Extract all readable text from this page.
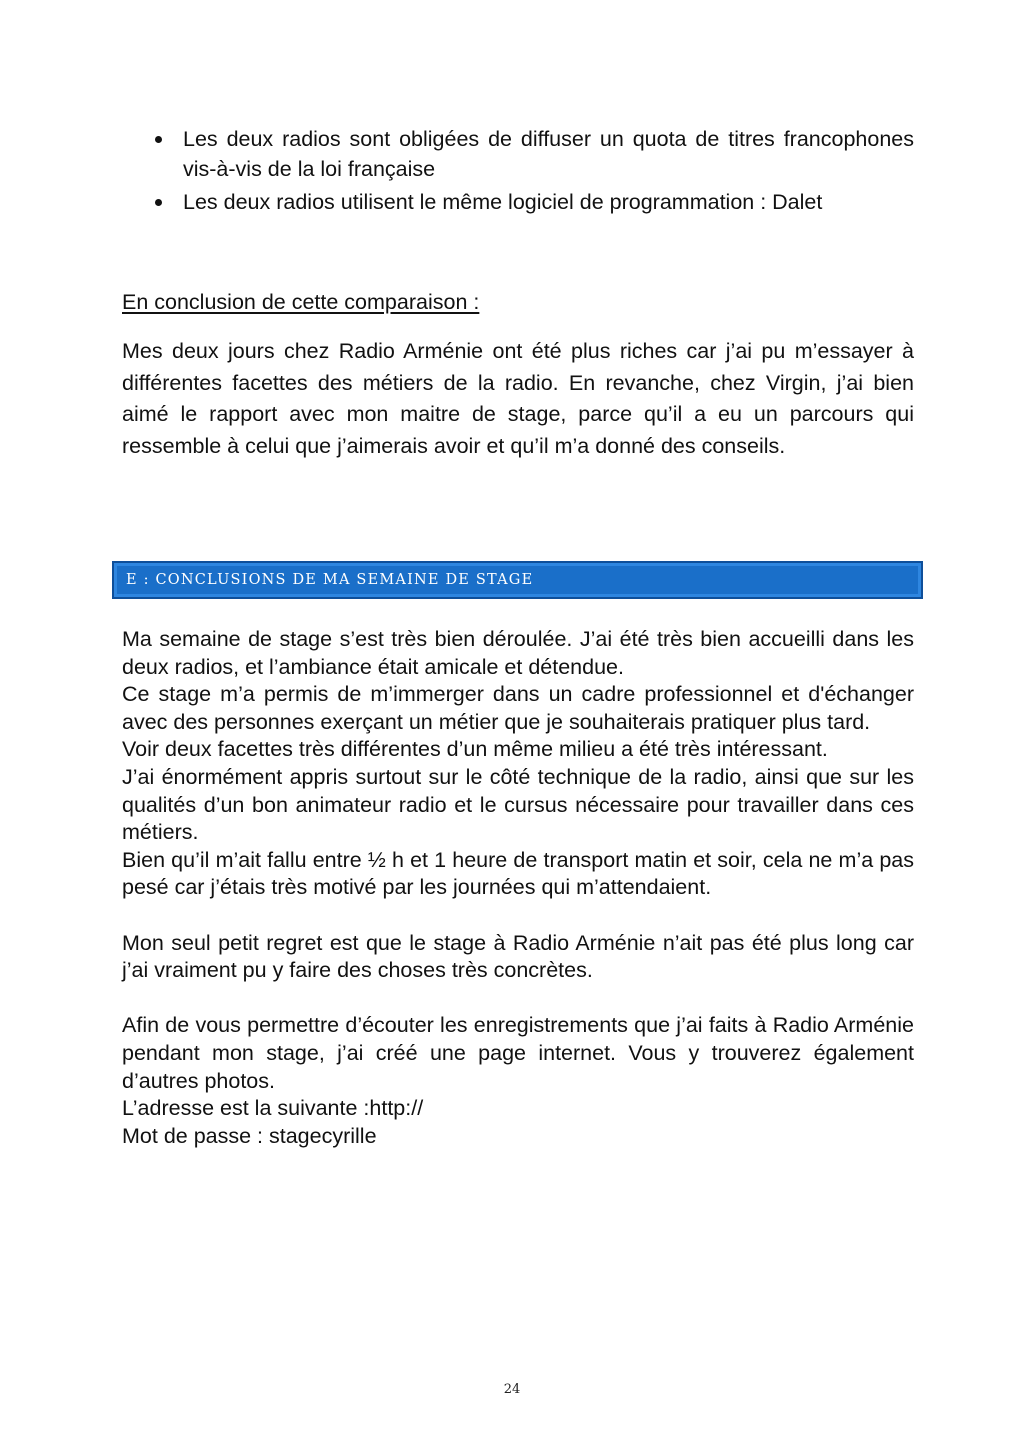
Les deux radios sont obligées de diffuser un quota de titres francophones vis-à-vis de la loi française
Les deux radios utilisent le même logiciel de programmation : Dalet
En conclusion de cette comparaison :

Mes deux jours chez Radio Arménie ont été plus riches car j’ai pu m’essayer à différentes facettes des métiers de la radio. En revanche, chez Virgin, j’ai bien aimé le rapport avec mon maitre de stage, parce qu’il a eu un parcours qui ressemble à celui que j’aimerais avoir et qu’il m’a donné des conseils.

E : CONCLUSIONS DE MA SEMAINE DE STAGE

Ma semaine de stage s’est très bien déroulée. J’ai été très bien accueilli dans les deux radios, et l’ambiance était amicale et détendue.

Ce stage m’a permis de m’immerger dans un cadre professionnel et d'échanger avec des personnes exerçant un métier que je souhaiterais pratiquer plus tard.

Voir deux facettes très différentes d’un même milieu a été très intéressant.

J’ai énormément appris surtout sur le côté technique de la radio, ainsi que sur les qualités d’un bon animateur radio et le cursus nécessaire pour travailler dans ces métiers.

Bien qu’il m’ait fallu entre ½ h et 1 heure de transport matin et soir, cela ne m’a pas pesé car j’étais très motivé par les journées qui m’attendaient.

Mon seul petit regret est que le stage à Radio Arménie n’ait pas été plus long car j’ai vraiment pu y faire des choses très concrètes.

Afin de vous permettre d’écouter les enregistrements que j’ai faits à Radio Arménie pendant mon stage, j’ai créé une page internet. Vous y trouverez également d’autres photos.

L’adresse est la suivante :http://

Mot de passe : stagecyrille

24
